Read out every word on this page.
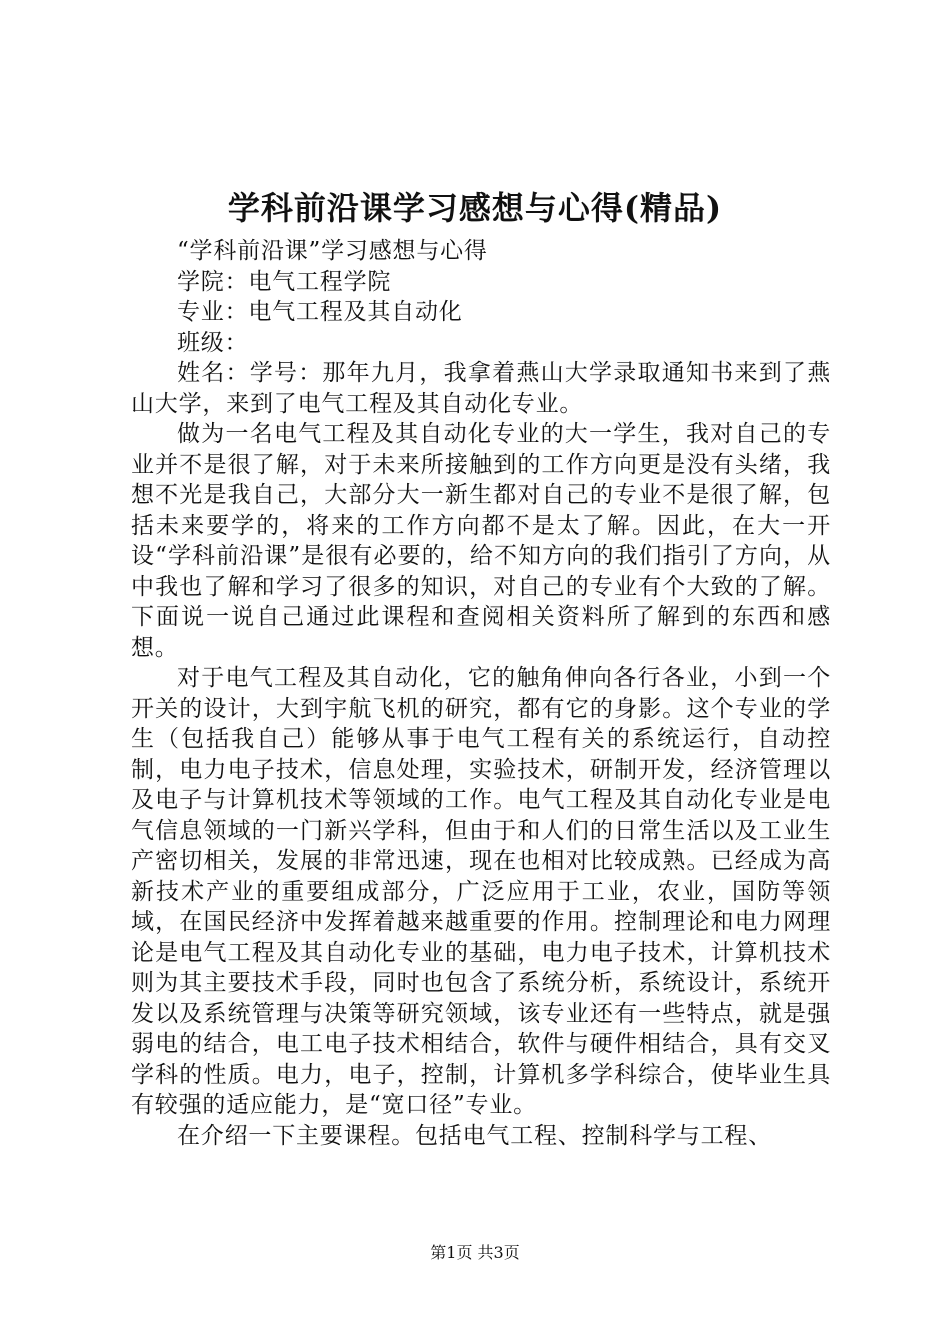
学科前沿课学习感想与心得(精品)

“学科前沿课”学习感想与心得

学院：电气工程学院

专业：电气工程及其自动化

班级：

姓名：学号：那年九月，我拿着燕山大学录取通知书来到了燕山大学，来到了电气工程及其自动化专业。

做为一名电气工程及其自动化专业的大一学生，我对自己的专业并不是很了解，对于未来所接触到的工作方向更是没有头绪，我想不光是我自己，大部分大一新生都对自己的专业不是很了解，包括未来要学的，将来的工作方向都不是太了解。因此，在大一开设“学科前沿课”是很有必要的，给不知方向的我们指引了方向，从中我也了解和学习了很多的知识，对自己的专业有个大致的了解。下面说一说自己通过此课程和查阅相关资料所了解到的东西和感想。

对于电气工程及其自动化，它的触角伸向各行各业，小到一个开关的设计，大到宇航飞机的研究，都有它的身影。这个专业的学生（包括我自己）能够从事于电气工程有关的系统运行，自动控制，电力电子技术，信息处理，实验技术，研制开发，经济管理以及电子与计算机技术等领域的工作。电气工程及其自动化专业是电气信息领域的一门新兴学科，但由于和人们的日常生活以及工业生产密切相关，发展的非常迅速，现在也相对比较成熟。已经成为高新技术产业的重要组成部分，广泛应用于工业，农业，国防等领域，在国民经济中发挥着越来越重要的作用。控制理论和电力网理论是电气工程及其自动化专业的基础，电力电子技术，计算机技术则为其主要技术手段，同时也包含了系统分析，系统设计，系统开发以及系统管理与决策等研究领域，该专业还有一些特点，就是强弱电的结合，电工电子技术相结合，软件与硬件相结合，具有交叉学科的性质。电力，电子，控制，计算机多学科综合，使毕业生具有较强的适应能力，是“宽口径”专业。

在介绍一下主要课程。包括电气工程、控制科学与工程、

第1页 共3页
